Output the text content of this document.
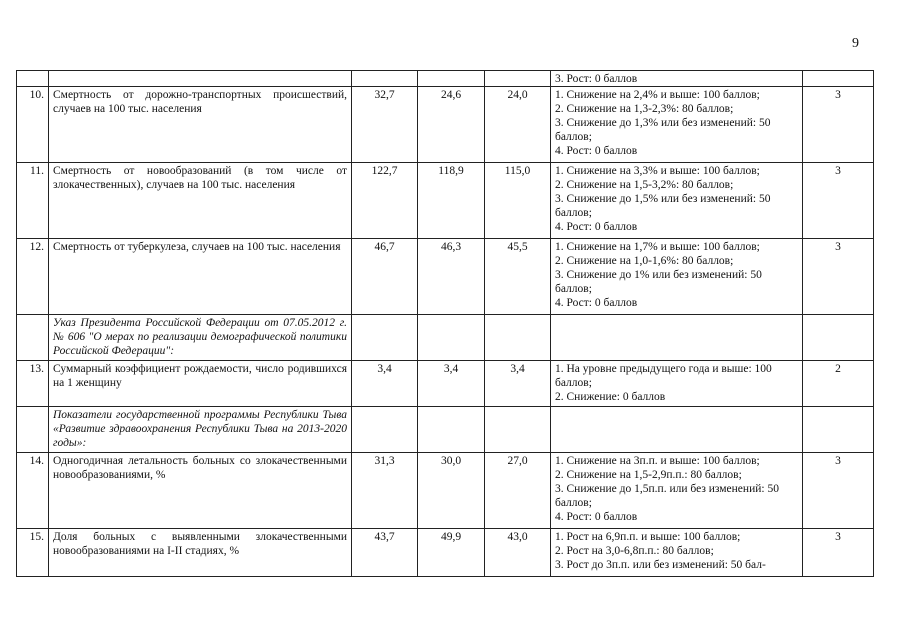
9

					3. Рост: 0 баллов	

10.	Смертность от дорожно-транспортных происшествий, случаев на 100 тыс. населения	32,7	24,6	24,0	1. Снижение на 2,4% и выше: 100 баллов;
2. Снижение на 1,3-2,3%: 80 баллов;
3. Снижение до 1,3% или без изменений: 50 баллов;
4. Рост: 0 баллов	3
11.	Смертность от новообразований (в том числе от злокачественных), случаев на 100 тыс. населения	122,7	118,9	115,0	1. Снижение на 3,3% и выше: 100 баллов;
2. Снижение на 1,5-3,2%: 80 баллов;
3. Снижение до 1,5% или без изменений: 50 баллов;
4. Рост: 0 баллов	3
12.	Смертность от туберкулеза, случаев на 100 тыс. населения	46,7	46,3	45,5	1. Снижение на 1,7% и выше: 100 баллов;
2. Снижение на 1,0-1,6%: 80 баллов;
3. Снижение до 1% или без изменений: 50 баллов;
4. Рост: 0 баллов	3
	Указ Президента Российской Федерации от 07.05.2012 г. № 606 "О мерах по реализации демографической политики Российской Федерации":					
13.	Суммарный коэффициент рождаемости, число родившихся на 1 женщину	3,4	3,4	3,4	1. На уровне предыдущего года и выше: 100 баллов;
2. Снижение: 0 баллов	2
	Показатели государственной программы Республики Тыва «Развитие здравоохранения Республики Тыва на 2013-2020 годы»:					
14.	Одногодичная летальность больных со злокачественными новообразованиями, %	31,3	30,0	27,0	1. Снижение на 3п.п. и выше: 100 баллов;
2. Снижение на 1,5-2,9п.п.: 80 баллов;
3. Снижение до 1,5п.п. или без изменений: 50 баллов;
4. Рост: 0 баллов	3
15.	Доля больных с выявленными злокачественными новообразованиями на I-II стадиях, %	43,7	49,9	43,0	1. Рост на 6,9п.п. и выше: 100 баллов;
2. Рост на 3,0-6,8п.п.: 80 баллов;
3. Рост до 3п.п. или без изменений: 50 бал-	3
